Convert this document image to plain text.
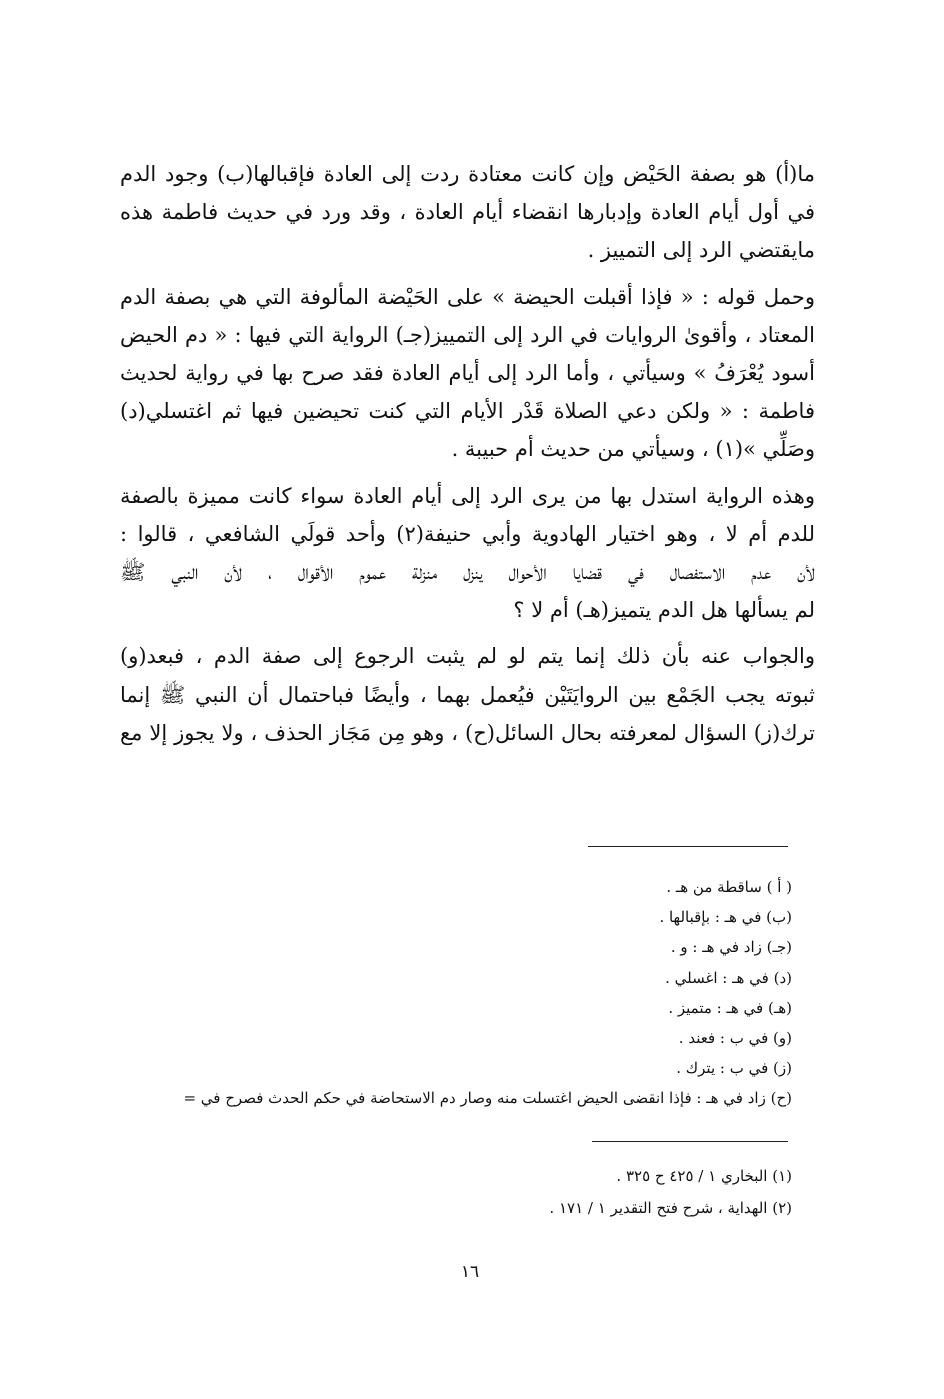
ما(أ) هو بصفة الحَيْض وإن كانت معتادة ردت إلى العادة فإقبالها(ب) وجود الدم
في أول أيام العادة وإدبارها انقضاء أيام العادة ، وقد ورد في حديث فاطمة هذه
مايقتضي الرد إلى التمييز .

وحمل قوله : « فإذا أقبلت الحيضة » على الحَيْضة المألوفة التي هي بصفة الدم
المعتاد ، وأقوىٰ الروايات في الرد إلى التمييز(جـ) الرواية التي فيها : « دم الحيض
أسود يُعْرَفُ » وسيأتي ، وأما الرد إلى أيام العادة فقد صرح بها في رواية لحديث
فاطمة : « ولكن دعي الصلاة قَدْر الأيام التي كنت تحيضين فيها ثم اغتسلي(د)
وصَلِّي »(١) ، وسيأتي من حديث أم حبيبة .

وهذه الرواية استدل بها من يرى الرد إلى أيام العادة سواء كانت مميزة بالصفة
للدم أم لا ، وهو اختيار الهادوية وأبي حنيفة(٢) وأحد قولَي الشافعي ، قالوا :
لأن عدم الاستفصال في قضايا الأحوال ينزل منزلة عموم الأقوال ، لأن النبي ﷺ
لم يسألها هل الدم يتميز(هـ) أم لا ؟

والجواب عنه بأن ذلك إنما يتم لو لم يثبت الرجوع إلى صفة الدم ، فبعد(و)
ثبوته يجب الجَمْع بين الروايَتَيْن فيُعمل بهما ، وأيضًا فباحتمال أن النبي ﷺ إنما
ترك(ز) السؤال لمعرفته بحال السائل(ح) ، وهو مِن مَجَاز الحذف ، ولا يجوز إلا مع

( أ ) ساقطة من هـ .
(ب) في هـ : بإقبالها .
(جـ) زاد في هـ : و .
(د) في هـ : اغسلي .
(هـ) في هـ : متميز .
(و) في ب : فعند .
(ز) في ب : يترك .
(ح) زاد في هـ : فإذا انقضى الحيض اغتسلت منه وصار دم الاستحاضة في حكم الحدث فصرح في =
(١) البخاري ١ / ٤٢٥ ح ٣٢٥ .
(٢) الهداية ، شرح فتح التقدير ١ / ١٧١ .
١٦
